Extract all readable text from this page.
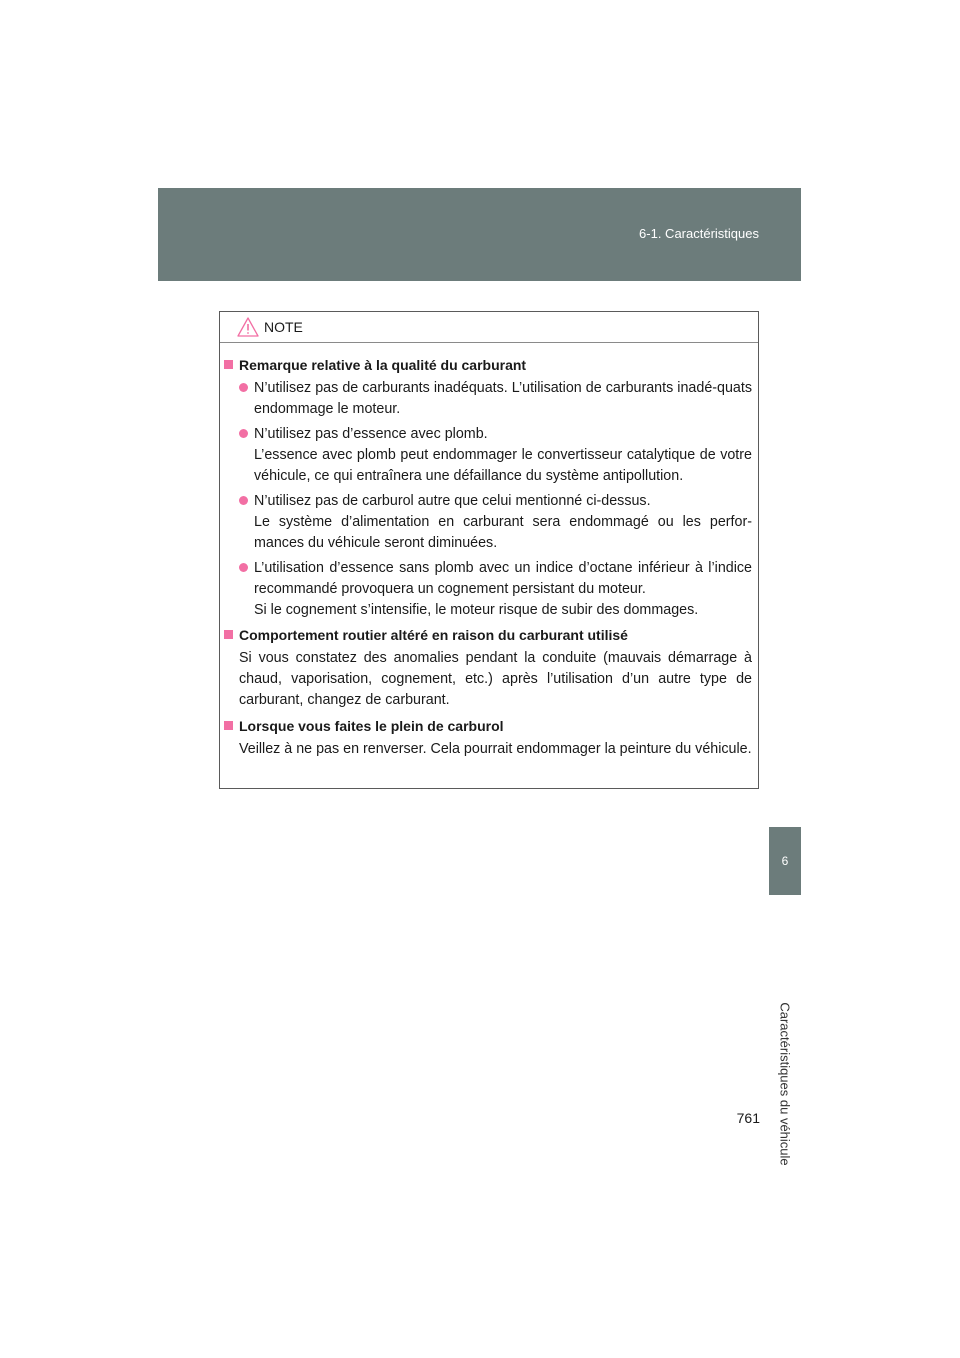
6-1. Caractéristiques
6
Caractéristiques du véhicule
761
NOTE
Remarque relative à la qualité du carburant

N’utilisez pas de carburants inadéquats. L’utilisation de carburants inadé-quats endommage le moteur.

N’utilisez pas d’essence avec plomb.

L’essence avec plomb peut endommager le convertisseur catalytique de votre véhicule, ce qui entraînera une défaillance du système antipollution.

N’utilisez pas de carburol autre que celui mentionné ci-dessus.

Le système d’alimentation en carburant sera endommagé ou les perfor-mances du véhicule seront diminuées.

L’utilisation d’essence sans plomb avec un indice d’octane inférieur à l’indice recommandé provoquera un cognement persistant du moteur.

Si le cognement s’intensifie, le moteur risque de subir des dommages.

Comportement routier altéré en raison du carburant utilisé
Si vous constatez des anomalies pendant la conduite (mauvais démarrage à chaud, vaporisation, cognement, etc.) après l’utilisation d’un autre type de carburant, changez de carburant.
Lorsque vous faites le plein de carburol
Veillez à ne pas en renverser. Cela pourrait endommager la peinture du véhicule.
